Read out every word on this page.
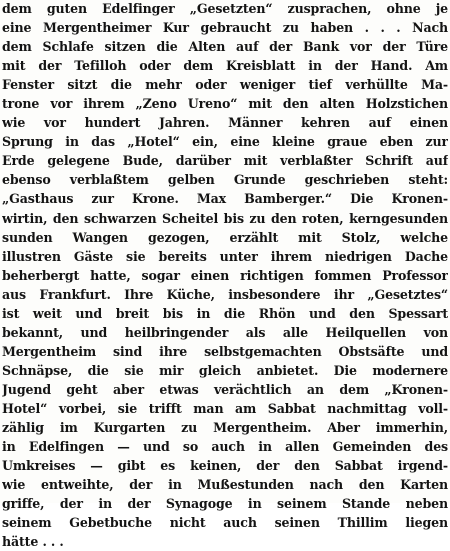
dem guten Edelfinger „Gesetzten“ zusprachen, ohne je
eine Mergentheimer Kur gebraucht zu haben . . . Nach
dem Schlafe sitzen die Alten auf der Bank vor der Türe
mit der Tefilloh oder dem Kreisblatt in der Hand. Am
Fenster sitzt die mehr oder weniger tief verhüllte Ma-
trone vor ihrem „Zeno Ureno“ mit den alten Holzstichen
wie vor hundert Jahren. Männer kehren auf einen
Sprung in das „Hotel“ ein, eine kleine graue eben zur
Erde gelegene Bude, darüber mit verblaßter Schrift auf
ebenso verblaßtem gelben Grunde geschrieben steht:
„Gasthaus zur Krone. Max Bamberger.“ Die Kronen-
wirtin, den schwarzen Scheitel bis zu den roten, kerngesunden
sunden Wangen gezogen, erzählt mit Stolz, welche
illustren Gäste sie bereits unter ihrem niedrigen Dache
beherbergt hatte, sogar einen richtigen fommen Professor
aus Frankfurt. Ihre Küche, insbesondere ihr „Gesetztes“
ist weit und breit bis in die Rhön und den Spessart
bekannt, und heilbringender als alle Heilquellen von
Mergentheim sind ihre selbstgemachten Obstsäfte und
Schnäpse, die sie mir gleich anbietet. Die modernere
Jugend geht aber etwas verächtlich an dem „Kronen-
Hotel“ vorbei, sie trifft man am Sabbat nachmittag voll-
zählig im Kurgarten zu Mergentheim. Aber immerhin,
in Edelfingen — und so auch in allen Gemeinden des
Umkreises — gibt es keinen, der den Sabbat irgend-
wie entweihte, der in Mußestunden nach den Karten
griffe, der in der Synagoge in seinem Stande neben
seinem Gebetbuche nicht auch seinen Thillim liegen
hätte . . .
